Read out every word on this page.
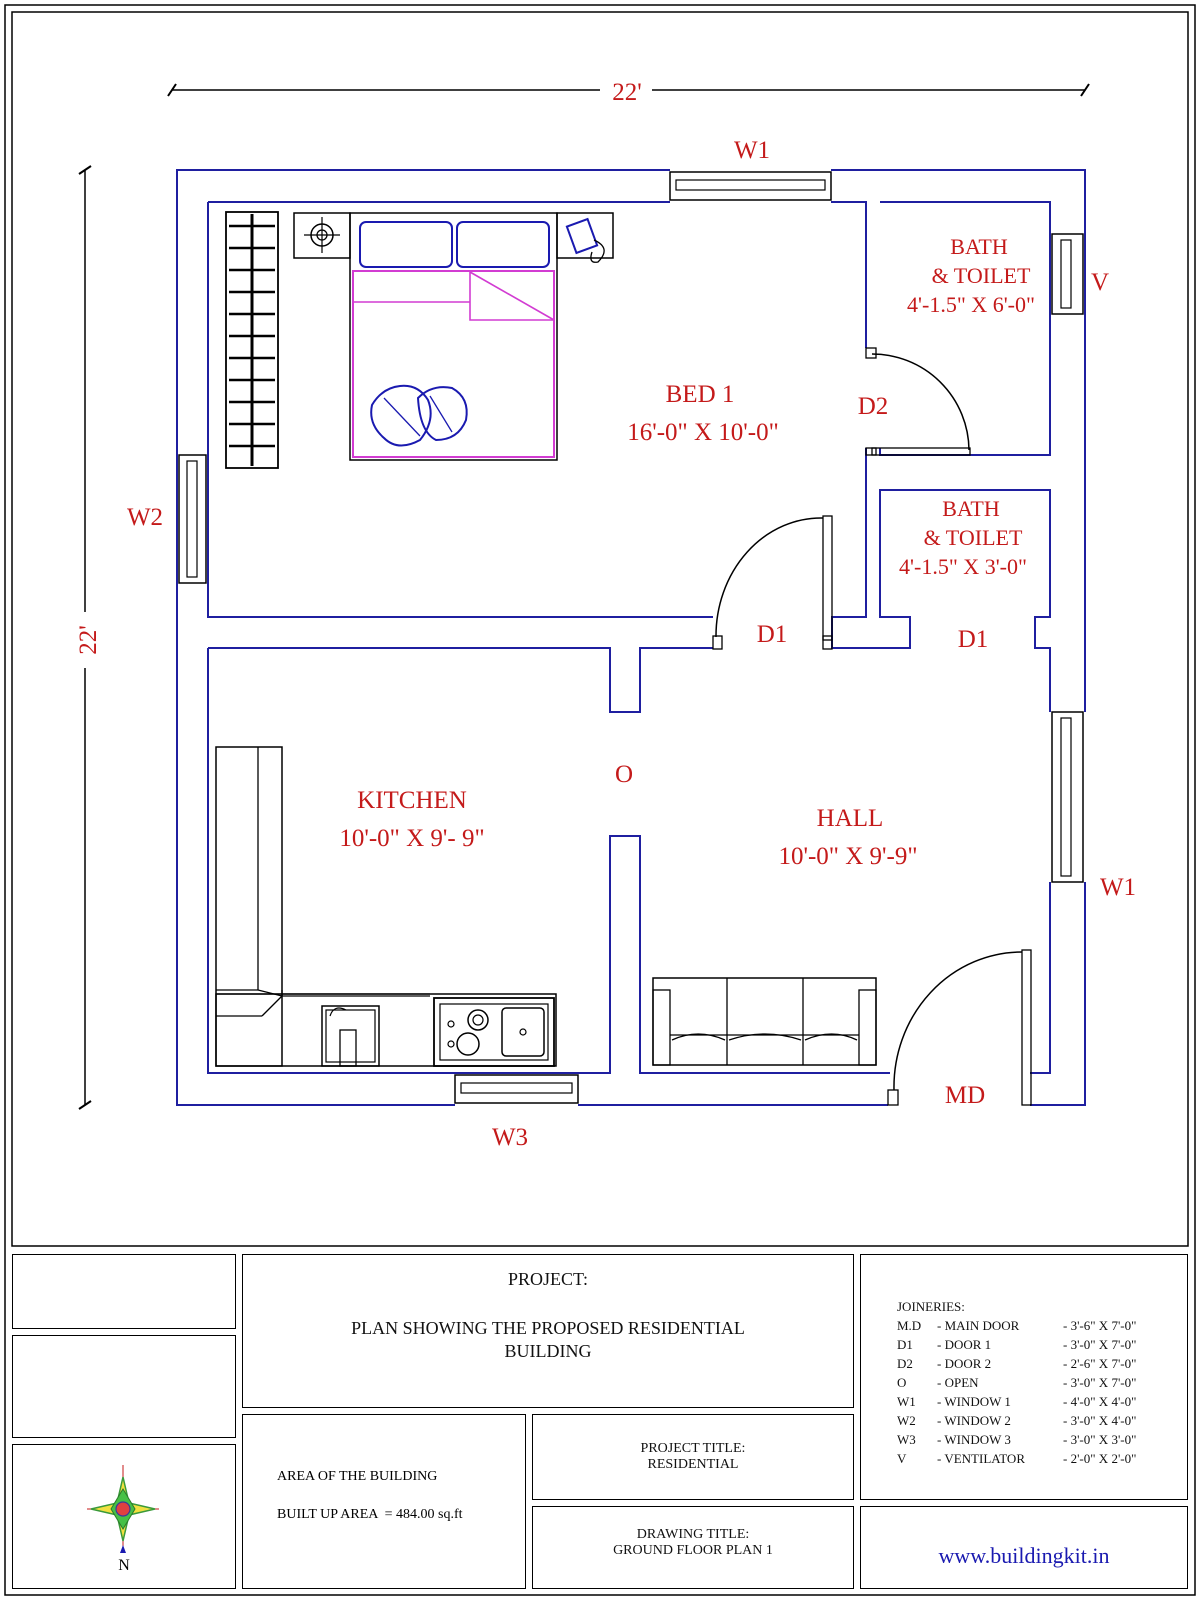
22'
22'
BED 1
16'-0" X 10'-0"
BATH
& TOILET
4'-1.5" X 6'-0"
BATH
& TOILET
4'-1.5" X 3'-0"
KITCHEN
10'-0" X 9'- 9"
HALL
10'-0" X 9'-9"
W1
W1
W2
W3
V
D2
D1	D1
O
MD
N
PROJECT:
PLAN SHOWING THE PROPOSED RESIDENTIAL
BUILDING
AREA OF THE BUILDING
BUILT UP AREA  = 484.00 sq.ft
PROJECT TITLE:
RESIDENTIAL
DRAWING TITLE:
GROUND FLOOR PLAN 1
JOINERIES:
M.D	- MAIN DOOR	- 3'-6" X 7'-0"
D1	- DOOR 1	- 3'-0" X 7'-0"
D2	- DOOR 2	- 2'-6" X 7'-0"
O	- OPEN	- 3'-0" X 7'-0"
W1	- WINDOW 1	- 4'-0" X 4'-0"
W2	- WINDOW 2	- 3'-0" X 4'-0"
W3	- WINDOW 3	- 3'-0" X 3'-0"
V	- VENTILATOR	- 2'-0" X 2'-0"
www.buildingkit.in
